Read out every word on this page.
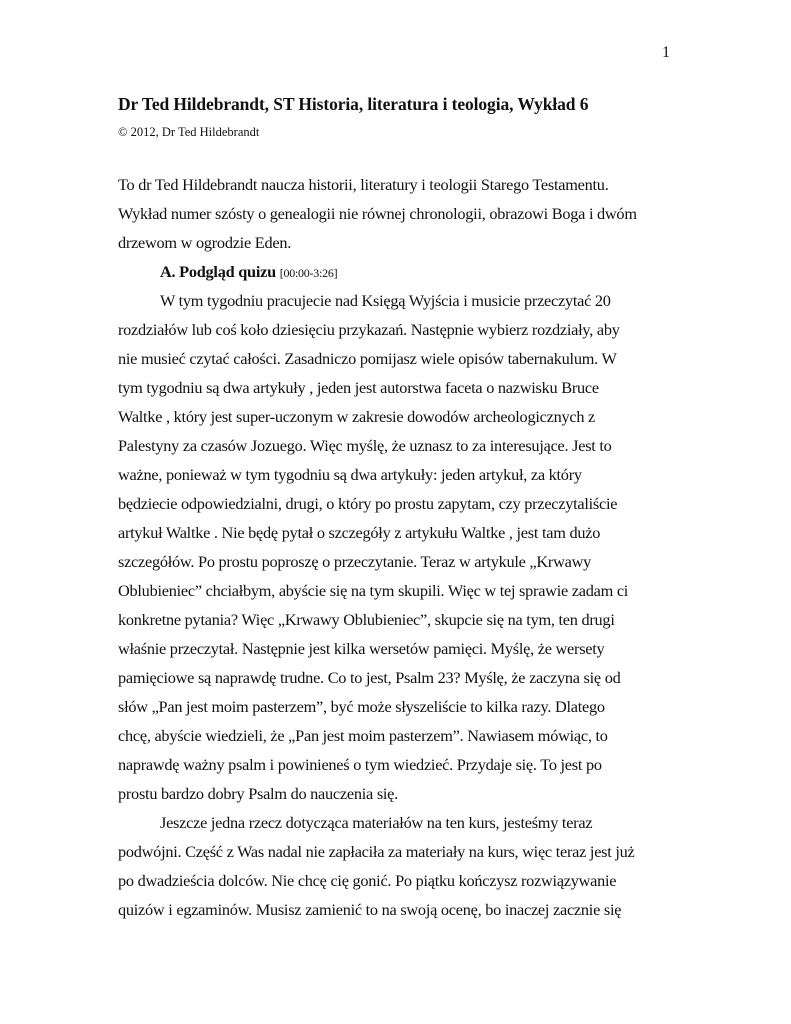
1
Dr Ted Hildebrandt, ST Historia, literatura i teologia, Wykład 6
© 2012, Dr Ted Hildebrandt
To dr Ted Hildebrandt naucza historii, literatury i teologii Starego Testamentu.
Wykład numer szósty o genealogii nie równej chronologii, obrazowi Boga i dwóm
drzewom w ogrodzie Eden.
A. Podgląd quizu [00:00-3:26]
W tym tygodniu pracujecie nad Księgą Wyjścia i musicie przeczytać 20
rozdziałów lub coś koło dziesięciu przykazań. Następnie wybierz rozdziały, aby
nie musieć czytać całości. Zasadniczo pomijasz wiele opisów tabernakulum. W
tym tygodniu są dwa artykuły , jeden jest autorstwa faceta o nazwisku Bruce
Waltke , który jest super-uczonym w zakresie dowodów archeologicznych z
Palestyny za czasów Jozuego. Więc myślę, że uznasz to za interesujące. Jest to
ważne, ponieważ w tym tygodniu są dwa artykuły: jeden artykuł, za który
będziecie odpowiedzialni, drugi, o który po prostu zapytam, czy przeczytaliście
artykuł Waltke . Nie będę pytał o szczegóły z artykułu Waltke , jest tam dużo
szczegółów. Po prostu poproszę o przeczytanie. Teraz w artykule „Krwawy
Oblubieniec” chciałbym, abyście się na tym skupili. Więc w tej sprawie zadam ci
konkretne pytania? Więc „Krwawy Oblubieniec”, skupcie się na tym, ten drugi
właśnie przeczytał. Następnie jest kilka wersetów pamięci. Myślę, że wersety
pamięciowe są naprawdę trudne. Co to jest, Psalm 23? Myślę, że zaczyna się od
słów „Pan jest moim pasterzem”, być może słyszeliście to kilka razy. Dlatego
chcę, abyście wiedzieli, że „Pan jest moim pasterzem”. Nawiasem mówiąc, to
naprawdę ważny psalm i powinieneś o tym wiedzieć. Przydaje się. To jest po
prostu bardzo dobry Psalm do nauczenia się.
Jeszcze jedna rzecz dotycząca materiałów na ten kurs, jesteśmy teraz
podwójni. Część z Was nadal nie zapłaciła za materiały na kurs, więc teraz jest już
po dwadzieścia dolców. Nie chcę cię gonić. Po piątku kończysz rozwiązywanie
quizów i egzaminów. Musisz zamienić to na swoją ocenę, bo inaczej zacznie się
